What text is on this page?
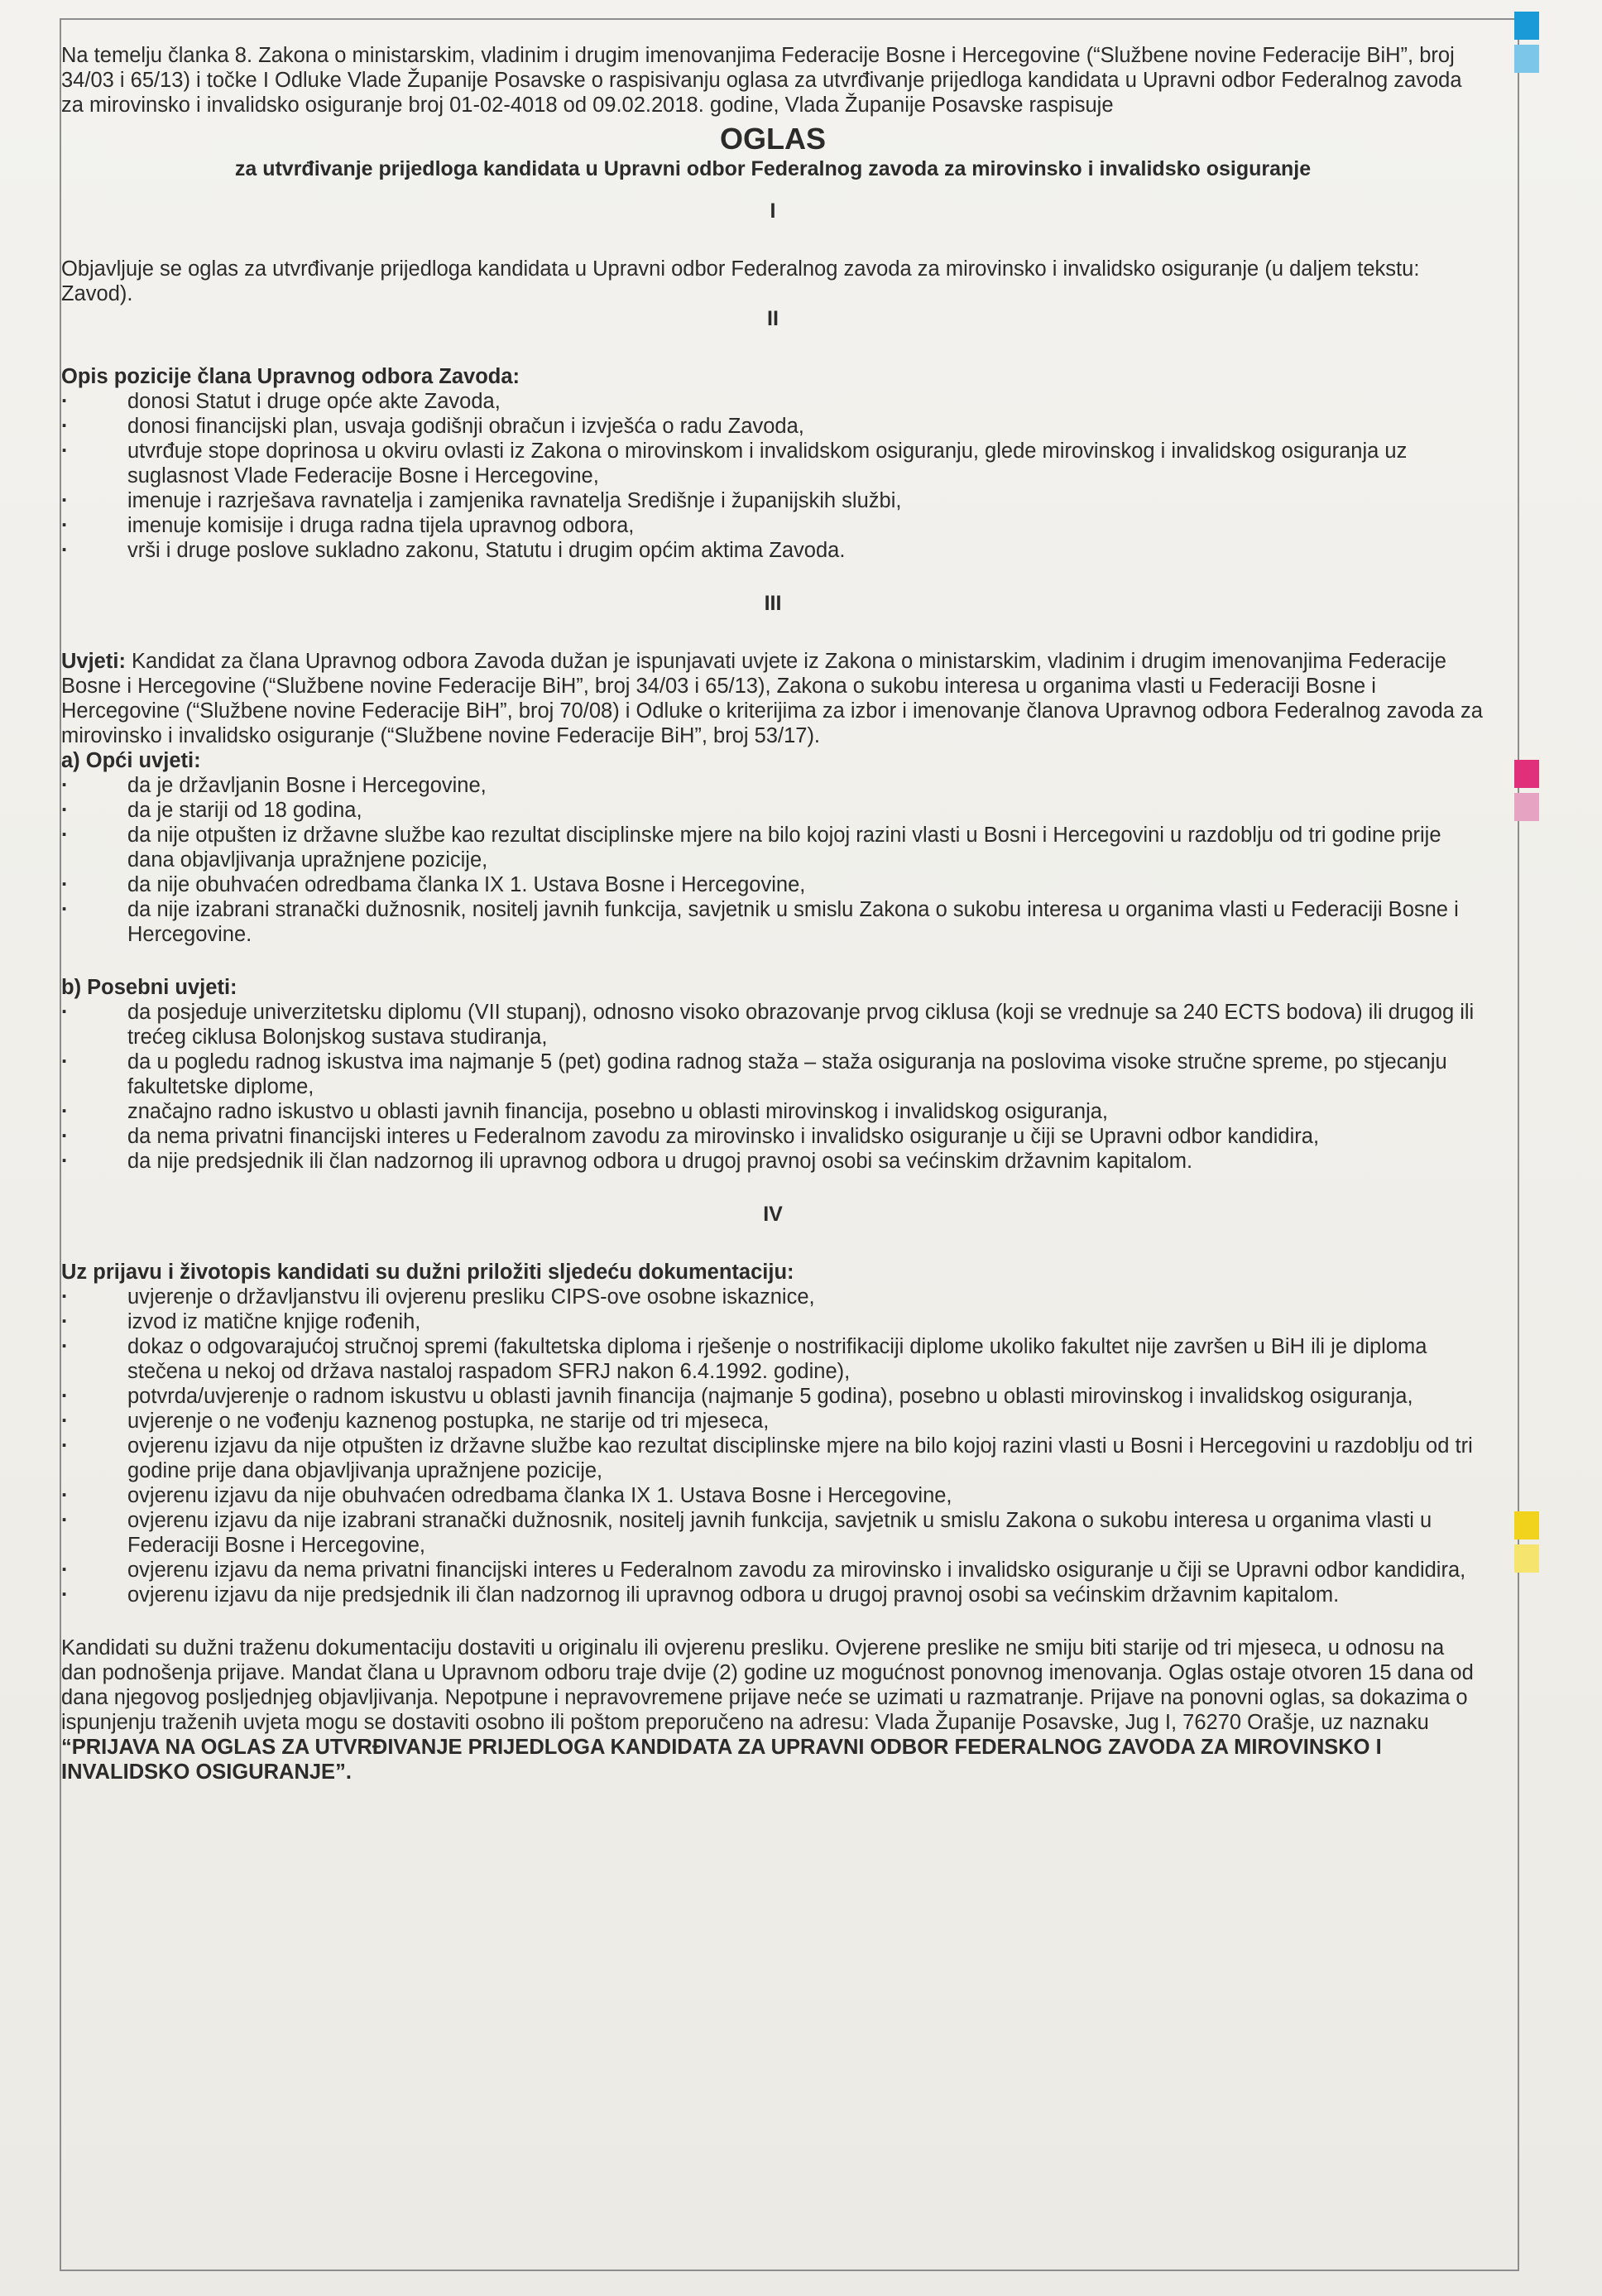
Na temelju članka 8. Zakona o ministarskim, vladinim i drugim imenovanjima Federacije Bosne i Hercegovine (“Službene novine Federacije BiH”, broj 34/03 i 65/13) i točke I Odluke Vlade Županije Posavske o raspisivanju oglasa za utvrđivanje prijedloga kandidata u Upravni odbor Federalnog zavoda za mirovinsko i invalidsko osiguranje broj 01-02-4018 od 09.02.2018. godine, Vlada Županije Posavske raspisuje

OGLAS
za utvrđivanje prijedloga kandidata u Upravni odbor Federalnog zavoda za mirovinsko i invalidsko osiguranje
I

Objavljuje se oglas za utvrđivanje prijedloga kandidata u Upravni odbor Federalnog zavoda za mirovinsko i invalidsko osiguranje (u daljem tekstu: Zavod).

II

Opis pozicije člana Upravnog odbora Zavoda:

· donosi Statut i druge opće akte Zavoda,
· donosi financijski plan, usvaja godišnji obračun i izvješća o radu Zavoda,
· utvrđuje stope doprinosa u okviru ovlasti iz Zakona o mirovinskom i invalidskom osiguranju, glede mirovinskog i invalidskog osiguranja uz suglasnost Vlade Federacije Bosne i Hercegovine,
· imenuje i razrješava ravnatelja i zamjenika ravnatelja Središnje i županijskih službi,
· imenuje komisije i druga radna tijela upravnog odbora,
· vrši i druge poslove sukladno zakonu, Statutu i drugim općim aktima Zavoda.
III

Uvjeti: Kandidat za člana Upravnog odbora Zavoda dužan je ispunjavati uvjete iz Zakona o ministarskim, vladinim i drugim imenovanjima Federacije Bosne i Hercegovine (“Službene novine Federacije BiH”, broj 34/03 i 65/13), Zakona o sukobu interesa u organima vlasti u Federaciji Bosne i Hercegovine (“Službene novine Federacije BiH”, broj 70/08) i Odluke o kriterijima za izbor i imenovanje članova Upravnog odbora Federalnog zavoda za mirovinsko i invalidsko osiguranje (“Službene novine Federacije BiH”, broj 53/17).

a) Opći uvjeti:

· da je državljanin Bosne i Hercegovine,
· da je stariji od 18 godina,
· da nije otpušten iz državne službe kao rezultat disciplinske mjere na bilo kojoj razini vlasti u Bosni i Hercegovini u razdoblju od tri godine prije dana objavljivanja upražnjene pozicije,
· da nije obuhvaćen odredbama članka IX 1. Ustava Bosne i Hercegovine,
· da nije izabrani stranački dužnosnik, nositelj javnih funkcija, savjetnik u smislu Zakona o sukobu interesa u organima vlasti u Federaciji Bosne i Hercegovine.

b) Posebni uvjeti:

· da posjeduje univerzitetsku diplomu (VII stupanj), odnosno visoko obrazovanje prvog ciklusa (koji se vrednuje sa 240 ECTS bodova) ili drugog ili trećeg ciklusa Bolonjskog sustava studiranja,
· da u pogledu radnog iskustva ima najmanje 5 (pet) godina radnog staža – staža osiguranja na poslovima visoke stručne spreme, po stjecanju fakultetske diplome,
· značajno radno iskustvo u oblasti javnih financija, posebno u oblasti mirovinskog i invalidskog osiguranja,
· da nema privatni financijski interes u Federalnom zavodu za mirovinsko i invalidsko osiguranje u čiji se Upravni odbor kandidira,
· da nije predsjednik ili član nadzornog ili upravnog odbora u drugoj pravnoj osobi sa većinskim državnim kapitalom.
IV

Uz prijavu i životopis kandidati su dužni priložiti sljedeću dokumentaciju:

· uvjerenje o državljanstvu ili ovjerenu presliku CIPS-ove osobne iskaznice,
· izvod iz matične knjige rođenih,
· dokaz o odgovarajućoj stručnoj spremi (fakultetska diploma i rješenje o nostrifikaciji diplome ukoliko fakultet nije završen u BiH ili je diploma stečena u nekoj od država nastaloj raspadom SFRJ nakon 6.4.1992. godine),
· potvrda/uvjerenje o radnom iskustvu u oblasti javnih financija (najmanje 5 godina), posebno u oblasti mirovinskog i invalidskog osiguranja,
· uvjerenje o ne vođenju kaznenog postupka, ne starije od tri mjeseca,
· ovjerenu izjavu da nije otpušten iz državne službe kao rezultat disciplinske mjere na bilo kojoj razini vlasti u Bosni i Hercegovini u razdoblju od tri godine prije dana objavljivanja upražnjene pozicije,
· ovjerenu izjavu da nije obuhvaćen odredbama članka IX 1. Ustava Bosne i Hercegovine,
· ovjerenu izjavu da nije izabrani stranački dužnosnik, nositelj javnih funkcija, savjetnik u smislu Zakona o sukobu interesa u organima vlasti u Federaciji Bosne i Hercegovine,
· ovjerenu izjavu da nema privatni financijski interes u Federalnom zavodu za mirovinsko i invalidsko osiguranje u čiji se Upravni odbor kandidira,
· ovjerenu izjavu da nije predsjednik ili član nadzornog ili upravnog odbora u drugoj pravnoj osobi sa većinskim državnim kapitalom.

Kandidati su dužni traženu dokumentaciju dostaviti u originalu ili ovjerenu presliku. Ovjerene preslike ne smiju biti starije od tri mjeseca, u odnosu na dan podnošenja prijave. Mandat člana u Upravnom odboru traje dvije (2) godine uz mogućnost ponovnog imenovanja. Oglas ostaje otvoren 15 dana od dana njegovog posljednjeg objavljivanja. Nepotpune i nepravovremene prijave neće se uzimati u razmatranje. Prijave na ponovni oglas, sa dokazima o ispunjenju traženih uvjeta mogu se dostaviti osobno ili poštom preporučeno na adresu: Vlada Županije Posavske, Jug I, 76270 Orašje, uz naznaku “PRIJAVA NA OGLAS ZA UTVRĐIVANJE PRIJEDLOGA KANDIDATA ZA UPRAVNI ODBOR FEDERALNOG ZAVODA ZA MIROVINSKO I INVALIDSKO OSIGURANJE”.
